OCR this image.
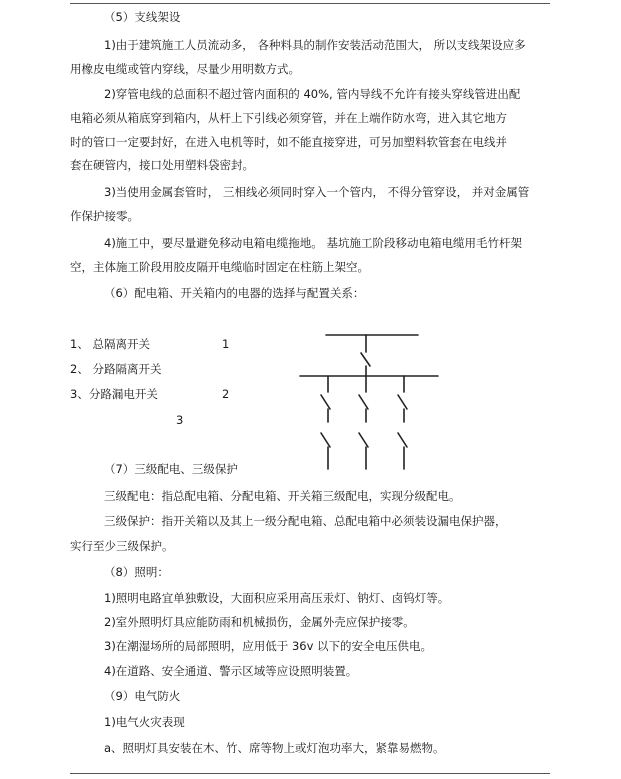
（5）支线架设
1)由于建筑施工人员流动多， 各种料具的制作安装活动范围大， 所以支线架设应多
用橡皮电缆或管内穿线，尽量少用明数方式。
2)穿管电线的总面积不超过管内面积的 40%, 管内导线不允许有接头穿线管进出配
电箱必须从箱底穿到箱内，从杆上下引线必须穿管，并在上端作防水弯，进入其它地方
时的管口一定要封好，在进入电机等时，如不能直接穿进，可另加塑料软管套在电线并
套在硬管内，接口处用塑料袋密封。
3)当使用金属套管时， 三相线必须同时穿入一个管内， 不得分管穿设， 并对金属管
作保护接零。
4)施工中，要尽量避免移动电箱电缆拖地。 基坑施工阶段移动电箱电缆用毛竹杆架
空，主体施工阶段用胶皮隔开电缆临时固定在柱筋上架空。
（6）配电箱、开关箱内的电器的选择与配置关系：
1、 总隔离开关
2、 分路隔离开关
3、分路漏电开关
1
2
3
（7）三级配电、三级保护
三级配电：指总配电箱、分配电箱、开关箱三级配电，实现分级配电。
三级保护：指开关箱以及其上一级分配电箱、总配电箱中必须装设漏电保护器，
实行至少三级保护。
（8）照明：
1)照明电路宜单独敷设，大面积应采用高压汞灯、钠灯、卤钨灯等。
2)室外照明灯具应能防雨和机械损伤，金属外壳应保护接零。
3)在潮湿场所的局部照明，应用低于 36v 以下的安全电压供电。
4)在道路、安全通道、警示区域等应设照明装置。
（9）电气防火
1)电气火灾表现
a、照明灯具安装在木、竹、席等物上或灯泡功率大，紧靠易燃物。
